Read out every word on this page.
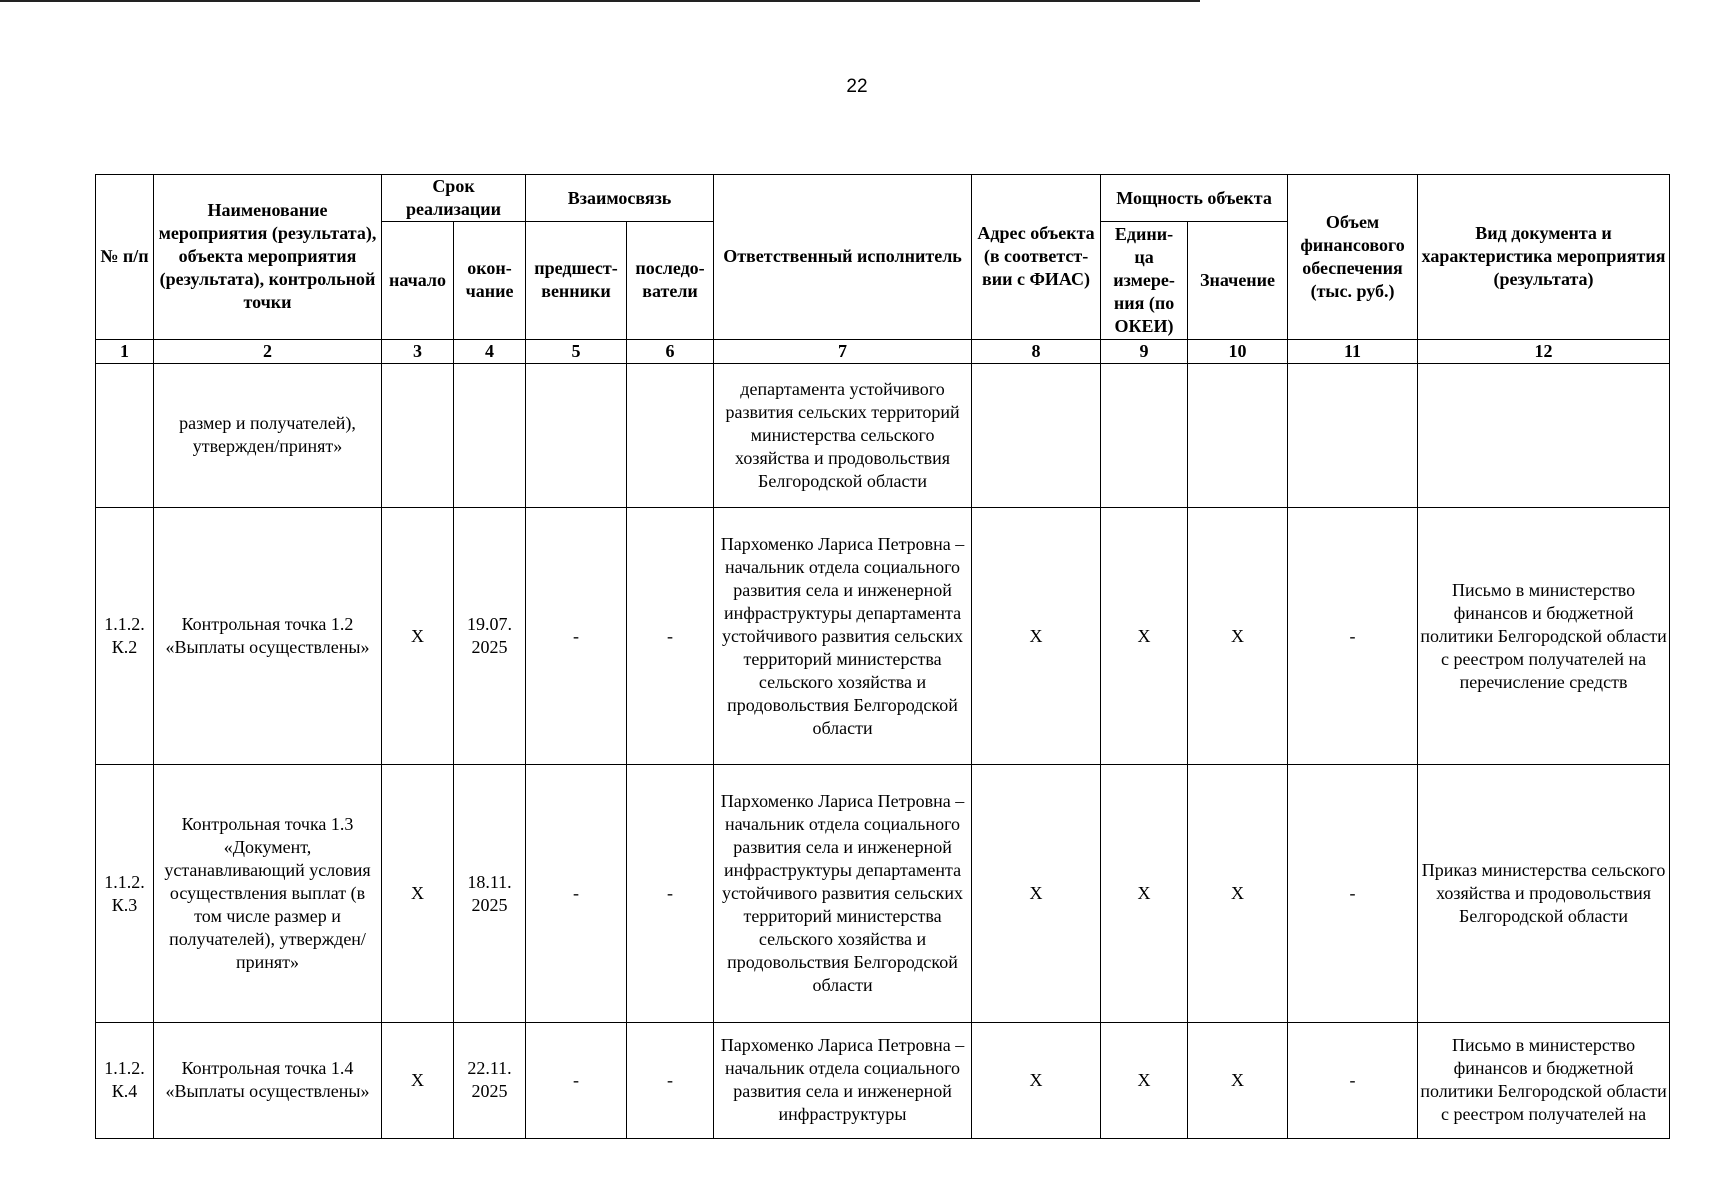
22
№ п/п	Наименование мероприятия (результата), объекта мероприятия (результата), контрольной точки	Срок реализации		Взаимосвязь		Ответственный исполнитель	Адрес объекта (в соответст- вии с ФИАС)	Мощность объекта		Объем финансового обеспечения (тыс. руб.)	Вид документа и характеристика мероприятия (результата)
		начало	окон- чание	предшест- венники	последо- ватели			Едини- ца измере- ния (по ОКЕИ)	Значение		
1	2	3	4	5	6	7	8	9	10	11	12
	размер и получателей), утвержден/принят»					департамента устойчивого развития сельских территорий министерства сельского хозяйства и продовольствия Белгородской области					
1.1.2. К.2	Контрольная точка 1.2 «Выплаты осуществлены»	X	19.07. 2025	-	-	Пархоменко Лариса Петровна – начальник отдела социального развития села и инженерной инфраструктуры департамента устойчивого развития сельских территорий министерства сельского хозяйства и продовольствия Белгородской области	X	X	X	-	Письмо в министерство финансов и бюджетной политики Белгородской области с реестром получателей на перечисление средств
1.1.2. К.3	Контрольная точка 1.3 «Документ, устанавливающий условия осуществления выплат (в том числе размер и получателей), утвержден/принят»	X	18.11. 2025	-	-	Пархоменко Лариса Петровна – начальник отдела социального развития села и инженерной инфраструктуры департамента устойчивого развития сельских территорий министерства сельского хозяйства и продовольствия Белгородской области	X	X	X	-	Приказ министерства сельского хозяйства и продовольствия Белгородской области
1.1.2. К.4	Контрольная точка 1.4 «Выплаты осуществлены»	X	22.11. 2025	-	-	Пархоменко Лариса Петровна – начальник отдела социального развития села и инженерной инфраструктуры	X	X	X	-	Письмо в министерство финансов и бюджетной политики Белгородской области с реестром получателей на
